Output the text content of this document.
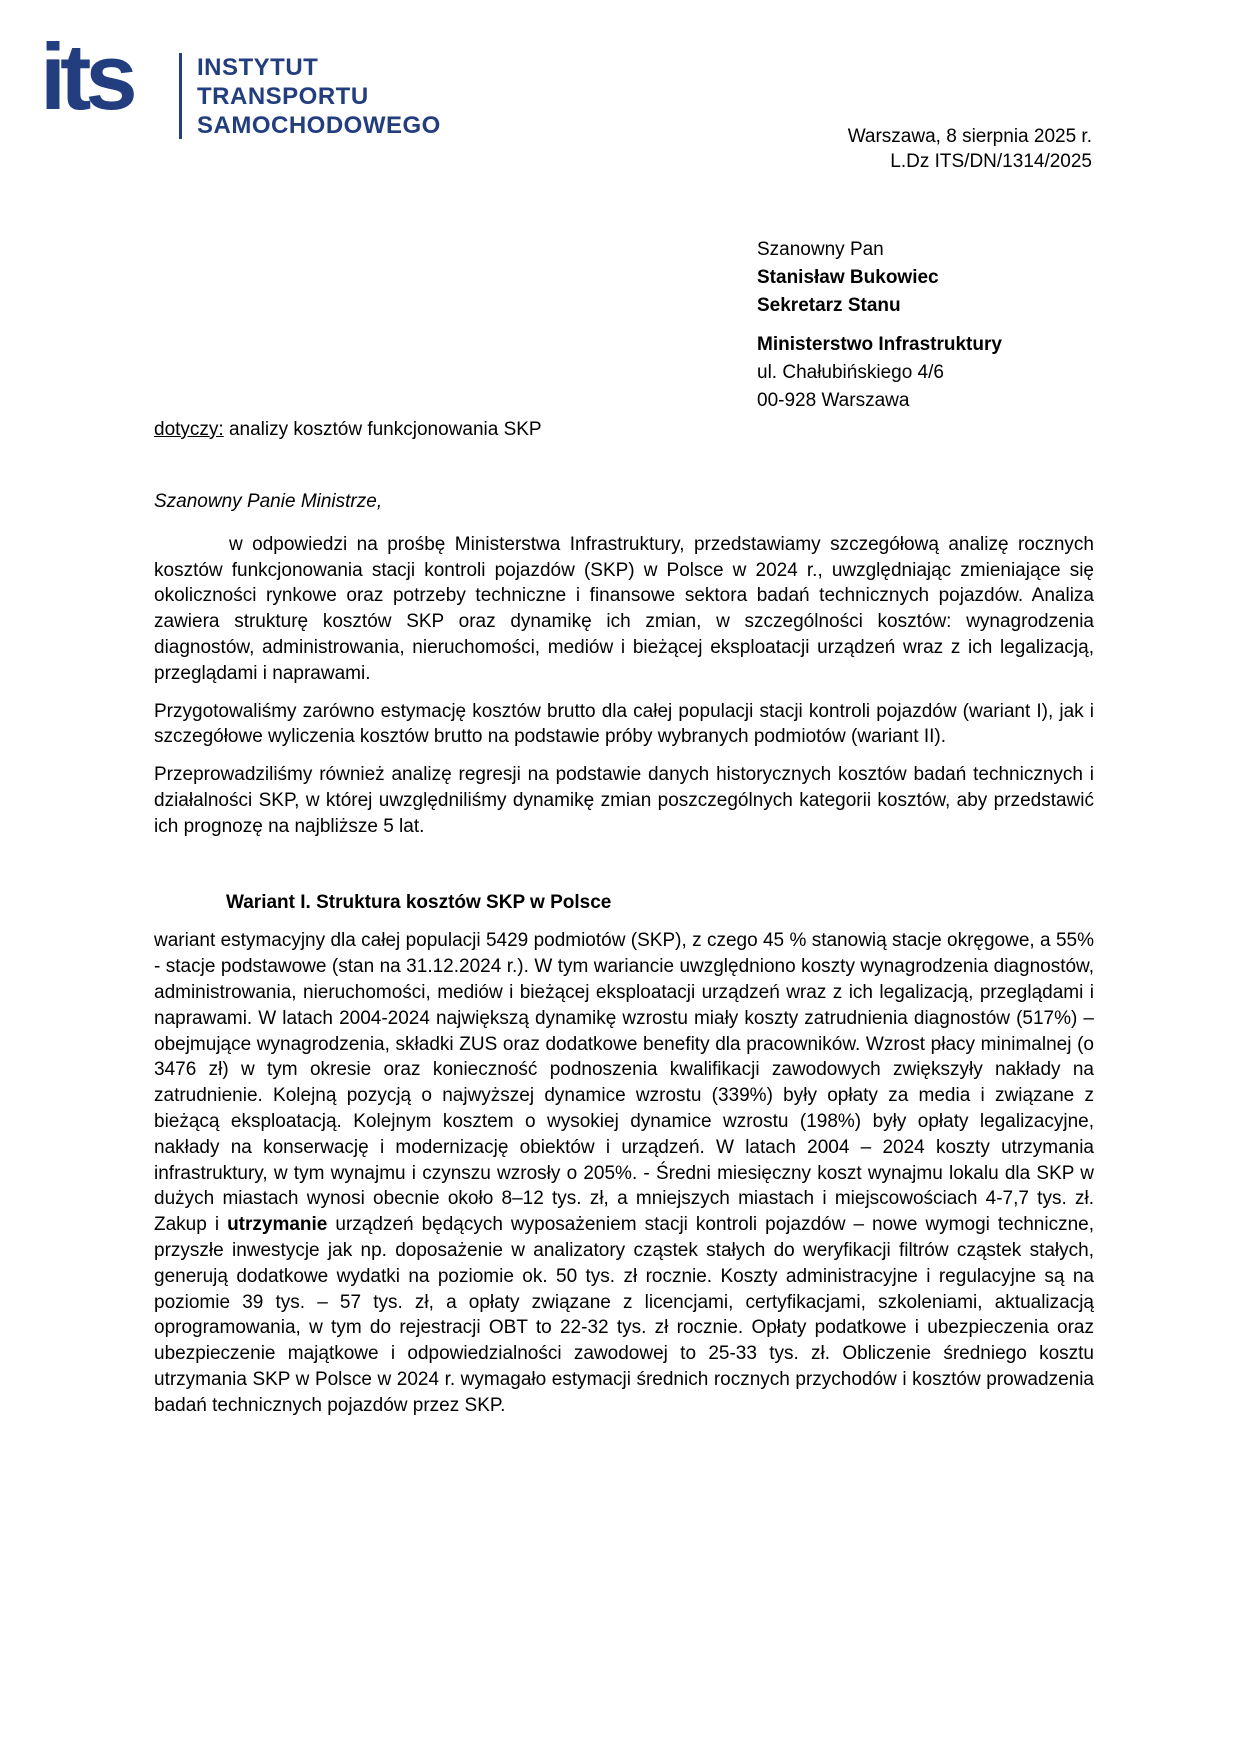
its	INSTYTUT
TRANSPORTU
SAMOCHODOWEGO	Warszawa, 8 sierpnia 2025 r.
L.Dz ITS/DN/1314/2025
Szanowny Pan
Stanisław Bukowiec
Sekretarz Stanu
Ministerstwo Infrastruktury
ul. Chałubińskiego 4/6
00-928 Warszawa
dotyczy: analizy kosztów funkcjonowania SKP

Szanowny Panie Ministrze,

w odpowiedzi na prośbę Ministerstwa Infrastruktury, przedstawiamy szczegółową analizę rocznych kosztów funkcjonowania stacji kontroli pojazdów (SKP) w Polsce w 2024 r., uwzględniając zmieniające się okoliczności rynkowe oraz potrzeby techniczne i finansowe sektora badań technicznych pojazdów. Analiza zawiera strukturę kosztów SKP oraz dynamikę ich zmian, w szczególności kosztów: wynagrodzenia diagnostów, administrowania, nieruchomości, mediów i bieżącej eksploatacji urządzeń wraz z ich legalizacją, przeglądami i naprawami.

Przygotowaliśmy zarówno estymację kosztów brutto dla całej populacji stacji kontroli pojazdów (wariant I), jak i szczegółowe wyliczenia kosztów brutto na podstawie próby wybranych podmiotów (wariant II).

Przeprowadziliśmy również analizę regresji na podstawie danych historycznych kosztów badań technicznych i działalności SKP, w której uwzględniliśmy dynamikę zmian poszczególnych kategorii kosztów, aby przedstawić ich prognozę na najbliższe 5 lat.

Wariant I. Struktura kosztów SKP w Polsce

wariant estymacyjny dla całej populacji 5429 podmiotów (SKP), z czego 45 % stanowią stacje okręgowe, a 55% - stacje podstawowe (stan na 31.12.2024 r.). W tym wariancie uwzględniono koszty wynagrodzenia diagnostów, administrowania, nieruchomości, mediów i bieżącej eksploatacji urządzeń wraz z ich legalizacją, przeglądami i naprawami. W latach 2004-2024 największą dynamikę wzrostu miały koszty zatrudnienia diagnostów (517%) – obejmujące wynagrodzenia, składki ZUS oraz dodatkowe benefity dla pracowników. Wzrost płacy minimalnej (o 3476 zł) w tym okresie oraz konieczność podnoszenia kwalifikacji zawodowych zwiększyły nakłady na zatrudnienie. Kolejną pozycją o najwyższej dynamice wzrostu (339%) były opłaty za media i związane z bieżącą eksploatacją. Kolejnym kosztem o wysokiej dynamice wzrostu (198%) były opłaty legalizacyjne, nakłady na konserwację i modernizację obiektów i urządzeń. W latach 2004 – 2024 koszty utrzymania infrastruktury, w tym wynajmu i czynszu wzrosły o 205%. - Średni miesięczny koszt wynajmu lokalu dla SKP w dużych miastach wynosi obecnie około 8–12 tys. zł, a mniejszych miastach i miejscowościach 4-7,7 tys. zł. Zakup i utrzymanie urządzeń będących wyposażeniem stacji kontroli pojazdów – nowe wymogi techniczne, przyszłe inwestycje jak np. doposażenie w analizatory cząstek stałych do weryfikacji filtrów cząstek stałych, generują dodatkowe wydatki na poziomie ok. 50 tys. zł rocznie. Koszty administracyjne i regulacyjne są na poziomie 39 tys. – 57 tys. zł, a opłaty związane z licencjami, certyfikacjami, szkoleniami, aktualizacją oprogramowania, w tym do rejestracji OBT to 22-32 tys. zł rocznie. Opłaty podatkowe i ubezpieczenia oraz ubezpieczenie majątkowe i odpowiedzialności zawodowej to 25-33 tys. zł. Obliczenie średniego kosztu utrzymania SKP w Polsce w 2024 r. wymagało estymacji średnich rocznych przychodów i kosztów prowadzenia badań technicznych pojazdów przez SKP.
